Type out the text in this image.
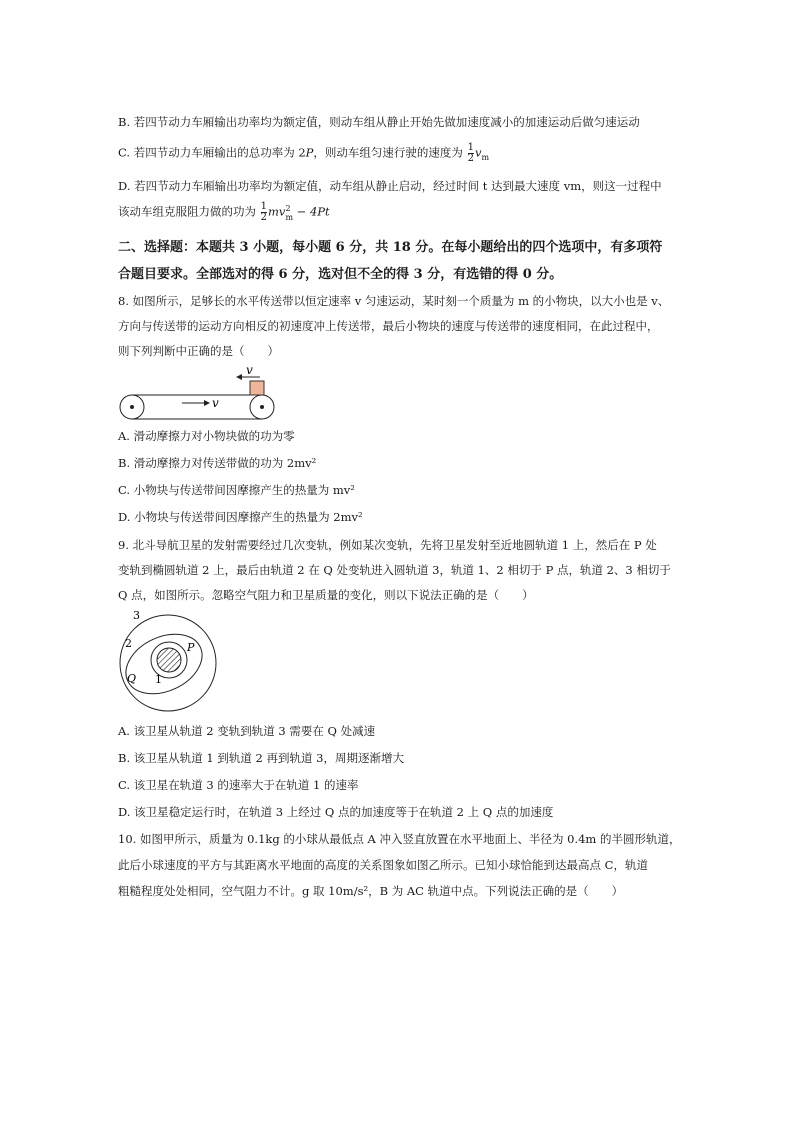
B. 若四节动力车厢输出功率均为额定值，则动车组从静止开始先做加速度减小的加速运动后做匀速运动
C. 若四节动力车厢输出的总功率为 2P，则动车组匀速行驶的速度为 $\frac{1}{2} v_m$
D. 若四节动力车厢输出功率均为额定值，动车组从静止启动，经过时间 t 达到最大速度 vm，则这一过程中
该动车组克服阻力做的功为 $\frac{1}{2}$ mv 2
m − 4Pt
二、选择题：本题共 3 小题，每小题 6 分，共 18 分。在每小题给出的四个选项中，有多项符
合题目要求。全部选对的得 6 分，选对但不全的得 3 分，有选错的得 0 分。
8. 如图所示，足够长的水平传送带以恒定速率 v 匀速运动，某时刻一个质量为 m 的小物块，以大小也是 v、
方向与传送带的运动方向相反的初速度冲上传送带，最后小物块的速度与传送带的速度相同，在此过程中，
则下列判断中正确的是（　　）
v
v
A. 滑动摩擦力对小物块做的功为零
B. 滑动摩擦力对传送带做的功为 2mv²
C. 小物块与传送带间因摩擦产生的热量为 mv²
D. 小物块与传送带间因摩擦产生的热量为 2mv²
9. 北斗导航卫星的发射需要经过几次变轨，例如某次变轨，先将卫星发射至近地圆轨道 1 上，然后在 P 处
变轨到椭圆轨道 2 上，最后由轨道 2 在 Q 处变轨进入圆轨道 3，轨道 1、2 相切于 P 点，轨道 2、3 相切于
Q 点，如图所示。忽略空气阻力和卫星质量的变化，则以下说法正确的是（　　）
3
2
1
P
Q
A. 该卫星从轨道 2 变轨到轨道 3 需要在 Q 处减速
B. 该卫星从轨道 1 到轨道 2 再到轨道 3，周期逐渐增大
C. 该卫星在轨道 3 的速率大于在轨道 1 的速率
D. 该卫星稳定运行时，在轨道 3 上经过 Q 点的加速度等于在轨道 2 上 Q 点的加速度
10. 如图甲所示，质量为 0.1kg 的小球从最低点 A 冲入竖直放置在水平地面上、半径为 0.4m 的半圆形轨道，
此后小球速度的平方与其距离水平地面的高度的关系图象如图乙所示。已知小球恰能到达最高点 C，轨道
粗糙程度处处相同，空气阻力不计。g 取 10m/s²，B 为 AC 轨道中点。下列说法正确的是（　　）
